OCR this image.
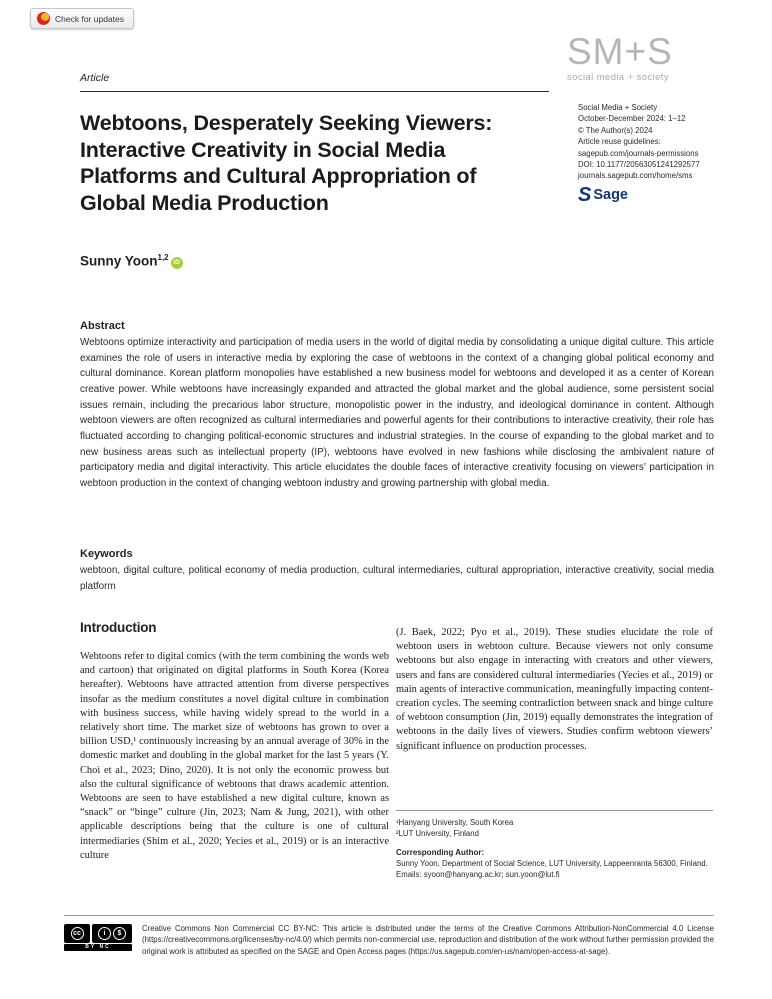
Check for updates
SM+S
social media + society
Article
Webtoons, Desperately Seeking Viewers:
Interactive Creativity in Social Media
Platforms and Cultural Appropriation of
Global Media Production
Social Media + Society
October-December 2024: 1–12
© The Author(s) 2024
Article reuse guidelines:
sagepub.com/journals-permissions
DOI: 10.1177/20563051241292577
journals.sagepub.com/home/sms
S Sage
Sunny Yoon$^{1,2}$ iD
Abstract
Webtoons optimize interactivity and participation of media users in the world of digital media by consolidating a unique digital culture. This article examines the role of users in interactive media by exploring the case of webtoons in the context of a changing global political economy and cultural dominance. Korean platform monopolies have established a new business model for webtoons and developed it as a center of Korean creative power. While webtoons have increasingly expanded and attracted the global market and the global audience, some persistent social issues remain, including the precarious labor structure, monopolistic power in the industry, and ideological dominance in content. Although webtoon viewers are often recognized as cultural intermediaries and powerful agents for their contributions to interactive creativity, their role has fluctuated according to changing political-economic structures and industrial strategies. In the course of expanding to the global market and to new business areas such as intellectual property (IP), webtoons have evolved in new fashions while disclosing the ambivalent nature of participatory media and digital interactivity. This article elucidates the double faces of interactive creativity focusing on viewers’ participation in webtoon production in the context of changing webtoon industry and growing partnership with global media.
Keywords
webtoon, digital culture, political economy of media production, cultural intermediaries, cultural appropriation, interactive creativity, social media platform
Introduction
Webtoons refer to digital comics (with the term combining the words web and cartoon) that originated on digital platforms in South Korea (Korea hereafter). Webtoons have attracted attention from diverse perspectives insofar as the medium constitutes a novel digital culture in combination with business success, while having widely spread to the world in a relatively short time. The market size of webtoons has grown to over a billion USD,¹ continuously increasing by an annual average of 30% in the domestic market and doubling in the global market for the last 5 years (Y. Choi et al., 2023; Dino, 2020). It is not only the economic prowess but also the cultural significance of webtoons that draws academic attention. Webtoons are seen to have established a new digital culture, known as “snack” or “binge” culture (Jin, 2023; Nam & Jung, 2021), with other applicable descriptions being that the culture is one of cultural intermediaries (Shim et al., 2020; Yecies et al., 2019) or is an interactive culture
(J. Baek, 2022; Pyo et al., 2019). These studies elucidate the role of webtoon users in webtoon culture. Because viewers not only consume webtoons but also engage in interacting with creators and other viewers, users and fans are considered cultural intermediaries (Yecies et al., 2019) or main agents of interactive communication, meaningfully impacting content-creation cycles. The seeming contradiction between snack and binge culture of webtoon consumption (Jin, 2019) equally demonstrates the integration of webtoons in the daily lives of viewers. Studies confirm webtoon viewers’ significant influence on production processes.
¹Hanyang University, South Korea
²LUT University, Finland
Corresponding Author:
Sunny Yoon, Department of Social Science, LUT University, Lappeenranta 56300, Finland.
Emails: syoon@hanyang.ac.kr; sun.yoon@lut.fi
cc	i	$
BY NC
Creative Commons Non Commercial CC BY-NC: This article is distributed under the terms of the Creative Commons Attribution-NonCommercial 4.0 License (https://creativecommons.org/licenses/by-nc/4.0/) which permits non-commercial use, reproduction and distribution of the work without further permission provided the original work is attributed as specified on the SAGE and Open Access pages (https://us.sagepub.com/en-us/nam/open-access-at-sage).
